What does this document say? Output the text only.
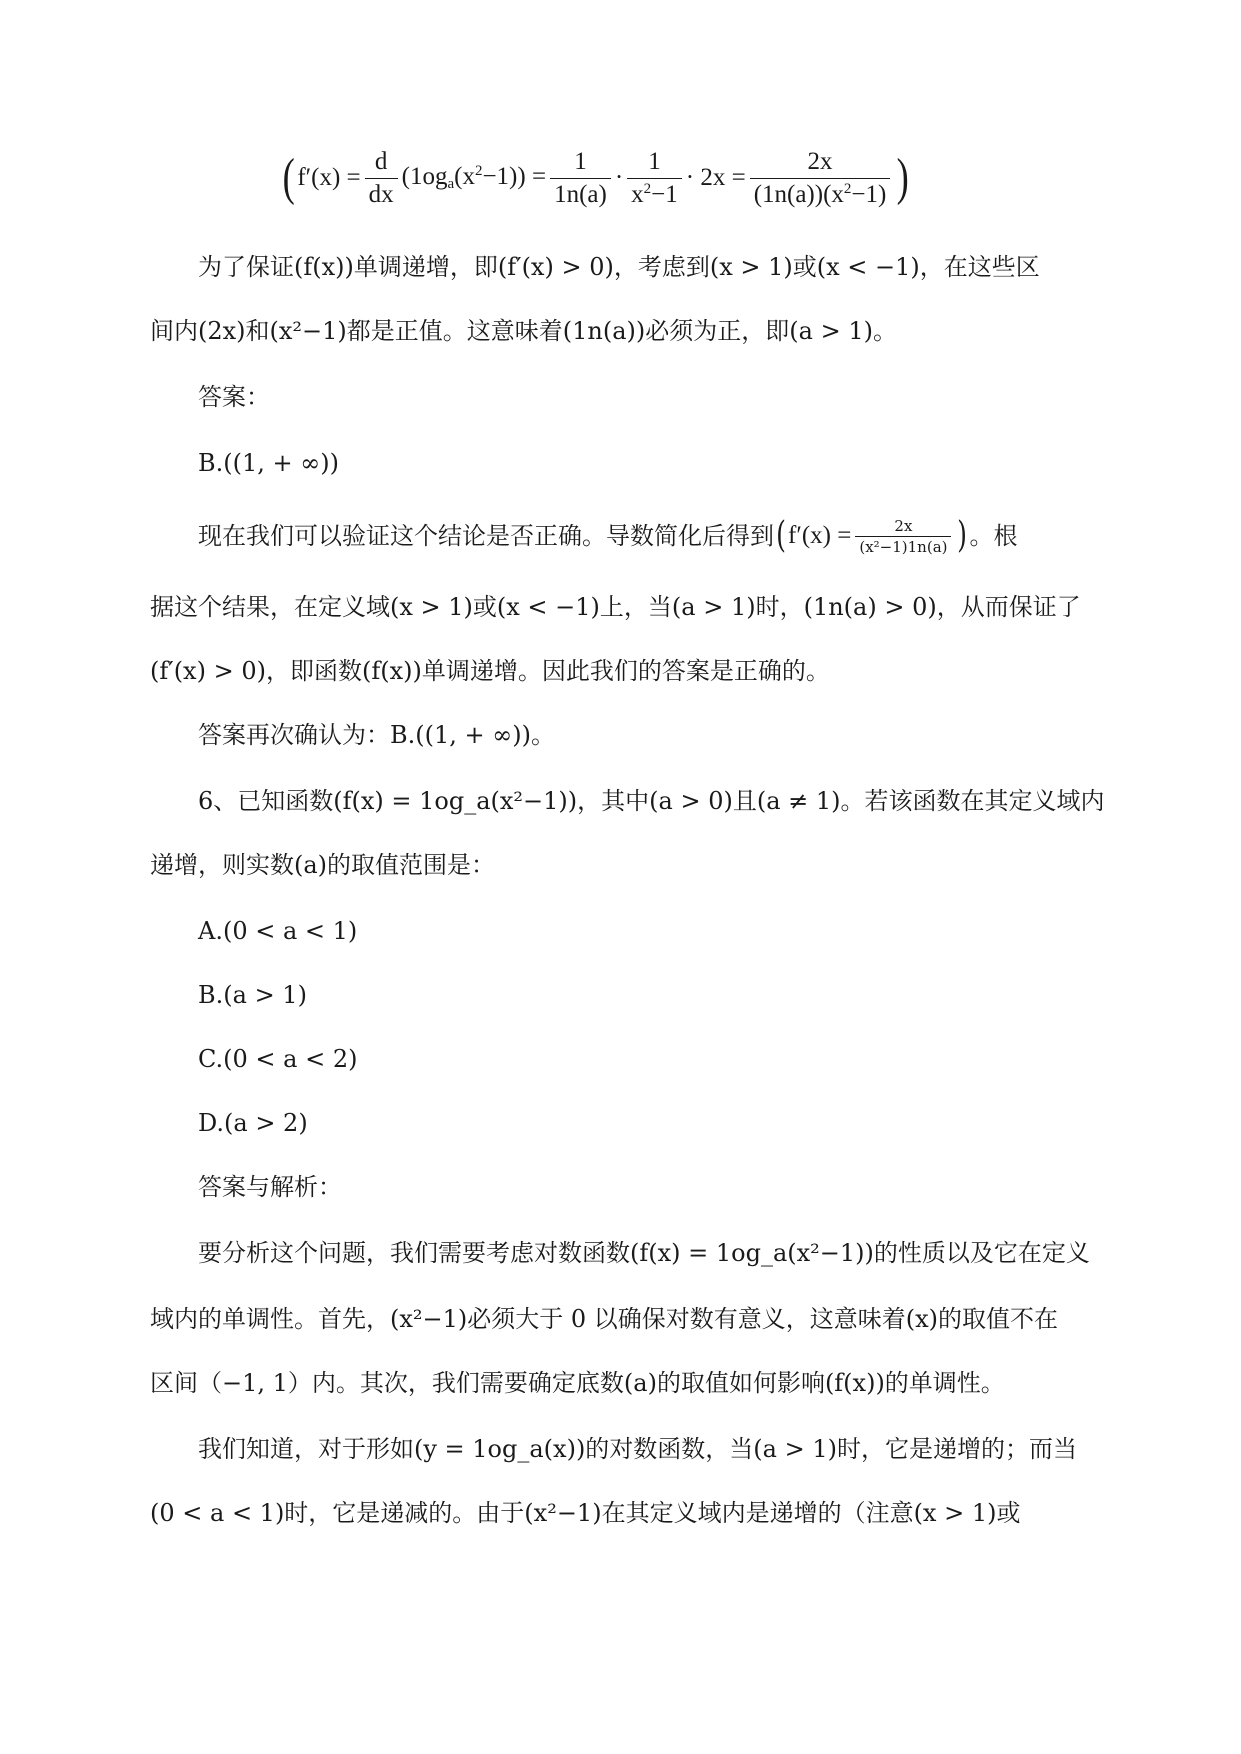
( $f'(x) = \frac{d}{dx} (1og_a(x^2-1)) = \frac{1}{1n(a)} \cdot \frac{1}{x^2-1} \cdot 2x = \frac{2x}{(1n(a))(x^2-1)}$ )
为了保证(f(x))单调递增，即(f′(x) > 0)，考虑到(x > 1)或(x < −1)，在这些区
间内(2x)和(x²−1)都是正值。这意味着(1n(a))必须为正，即(a > 1)。
答案：
B.((1, + ∞))
现在我们可以验证这个结论是否正确。导数简化后得到 ( $f'(x) = \frac{2x}{\text{(x²−1)1n(a)}}$ ) 。根
据这个结果，在定义域(x > 1)或(x < −1)上，当(a > 1)时，(1n(a) > 0)，从而保证了
(f′(x) > 0)，即函数(f(x))单调递增。因此我们的答案是正确的。
答案再次确认为：B.((1, + ∞))。
6、已知函数(f(x) = 1og_a(x²−1))，其中(a > 0)且(a ≠ 1)。若该函数在其定义域内
递增，则实数(a)的取值范围是：
A.(0 < a < 1)
B.(a > 1)
C.(0 < a < 2)
D.(a > 2)
答案与解析：
要分析这个问题，我们需要考虑对数函数(f(x) = 1og_a(x²−1))的性质以及它在定义
域内的单调性。首先，(x²−1)必须大于 0 以确保对数有意义，这意味着(x)的取值不在
区间（−1, 1）内。其次，我们需要确定底数(a)的取值如何影响(f(x))的单调性。
我们知道，对于形如(y = 1og_a(x))的对数函数，当(a > 1)时，它是递增的；而当
(0 < a < 1)时，它是递减的。由于(x²−1)在其定义域内是递增的（注意(x > 1)或
